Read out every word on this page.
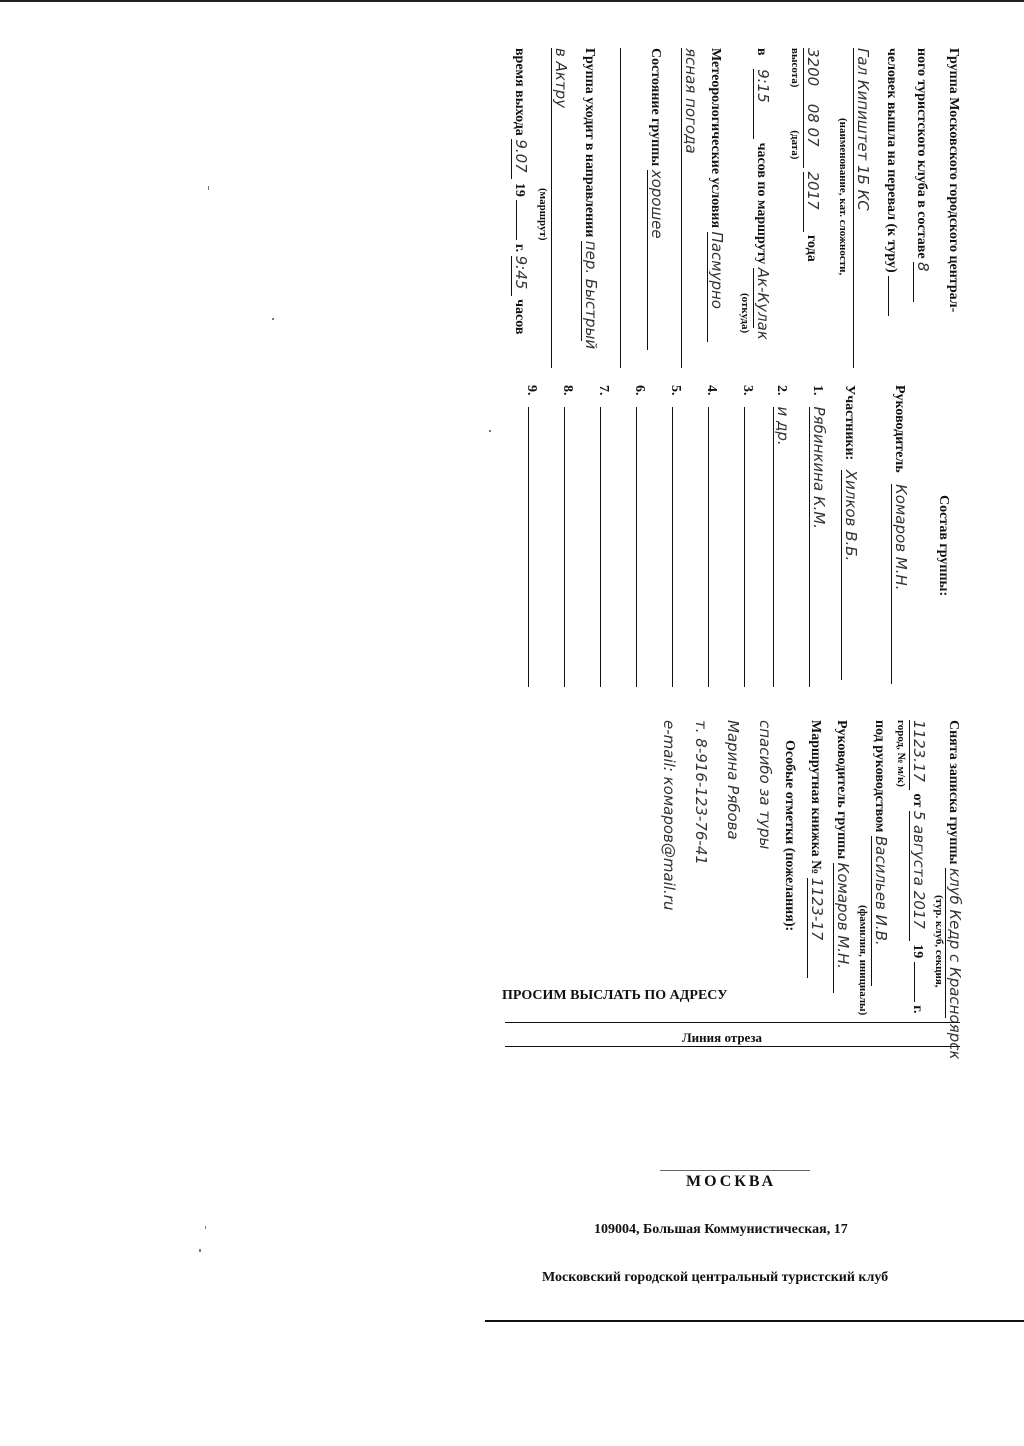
Группа Московского городского централ-
ного туристского клуба в составе 8
человек вышла на перевал (к туру)
Гал Кипиштет 1Б КС
(наименование, кат. сложности,
3200 08 07 2017 года
высота) (дата)
в 9:15 часов по маршруту Ак-Кулак
(откуда)
Метеорологические условия Пасмурно
ясная погода
Состояние группы хорошее
Группа уходит в направлении пер. Быстрый
в Актру
(маршрут)
время выхода 9.07 19  г. 9:45 часов
Состав группы:
Руководитель Комаров М.Н.
Участники: Хилков В.Б.
1. Рябинкина К.М.
2. и др.
3.
4.
5.
6.
7.
8.
9.
Снята записка группы клуб Кедр с Красноярск
(тур. клуб, секция,
1123.17 от 5 августа 2017 19  г.
город, № м/к)
под руководством Васильев И.В.
(фамилия, инициалы)
Руководитель группы Комаров М.Н.
Маршрутная книжка № 1123-17
Особые отметки (пожелания):
спасибо за туры
Марина Рябова
т. 8-916-123-76-41
e-mail: комаров@mail.ru
ПРОСИМ ВЫСЛАТЬ ПО АДРЕСУ
Линия отреза
МОСКВА
109004, Большая Коммунистическая, 17
Московский городской центральный туристский клуб
